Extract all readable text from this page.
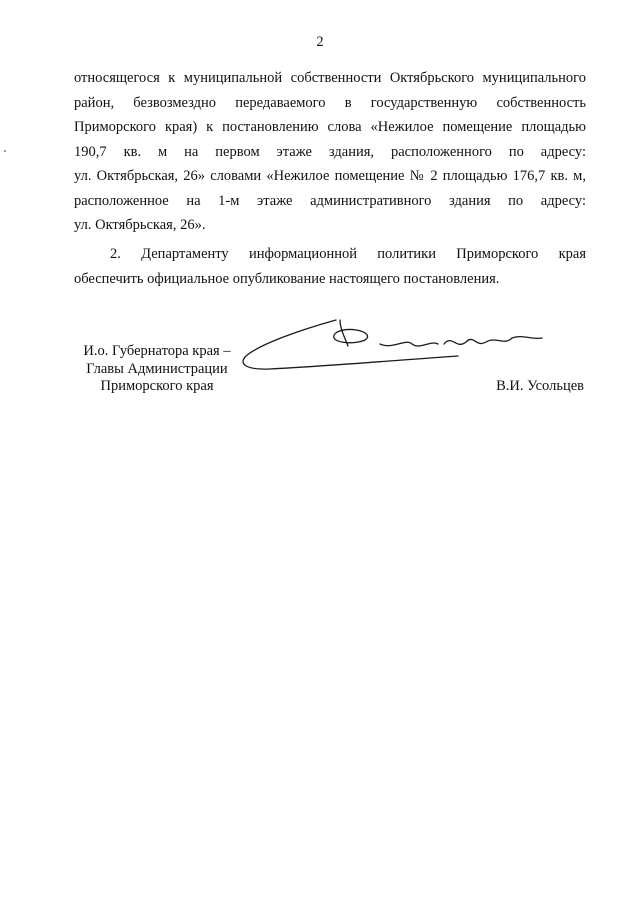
2
относящегося к муниципальной собственности Октябрьского муниципального
район, безвозмездно передаваемого в государственную собственность
Приморского края) к постановлению слова «Нежилое помещение площадью
190,7 кв. м на первом этаже здания, расположенного по адресу:
ул. Октябрьская, 26» словами «Нежилое помещение № 2 площадью 176,7 кв. м,
расположенное на 1-м этаже административного здания по адресу:
ул. Октябрьская, 26».
2. Департаменту информационной политики Приморского края
обеспечить официальное опубликование настоящего постановления.
И.о. Губернатора края –
Главы Администрации
Приморского края	В.И. Усольцев
